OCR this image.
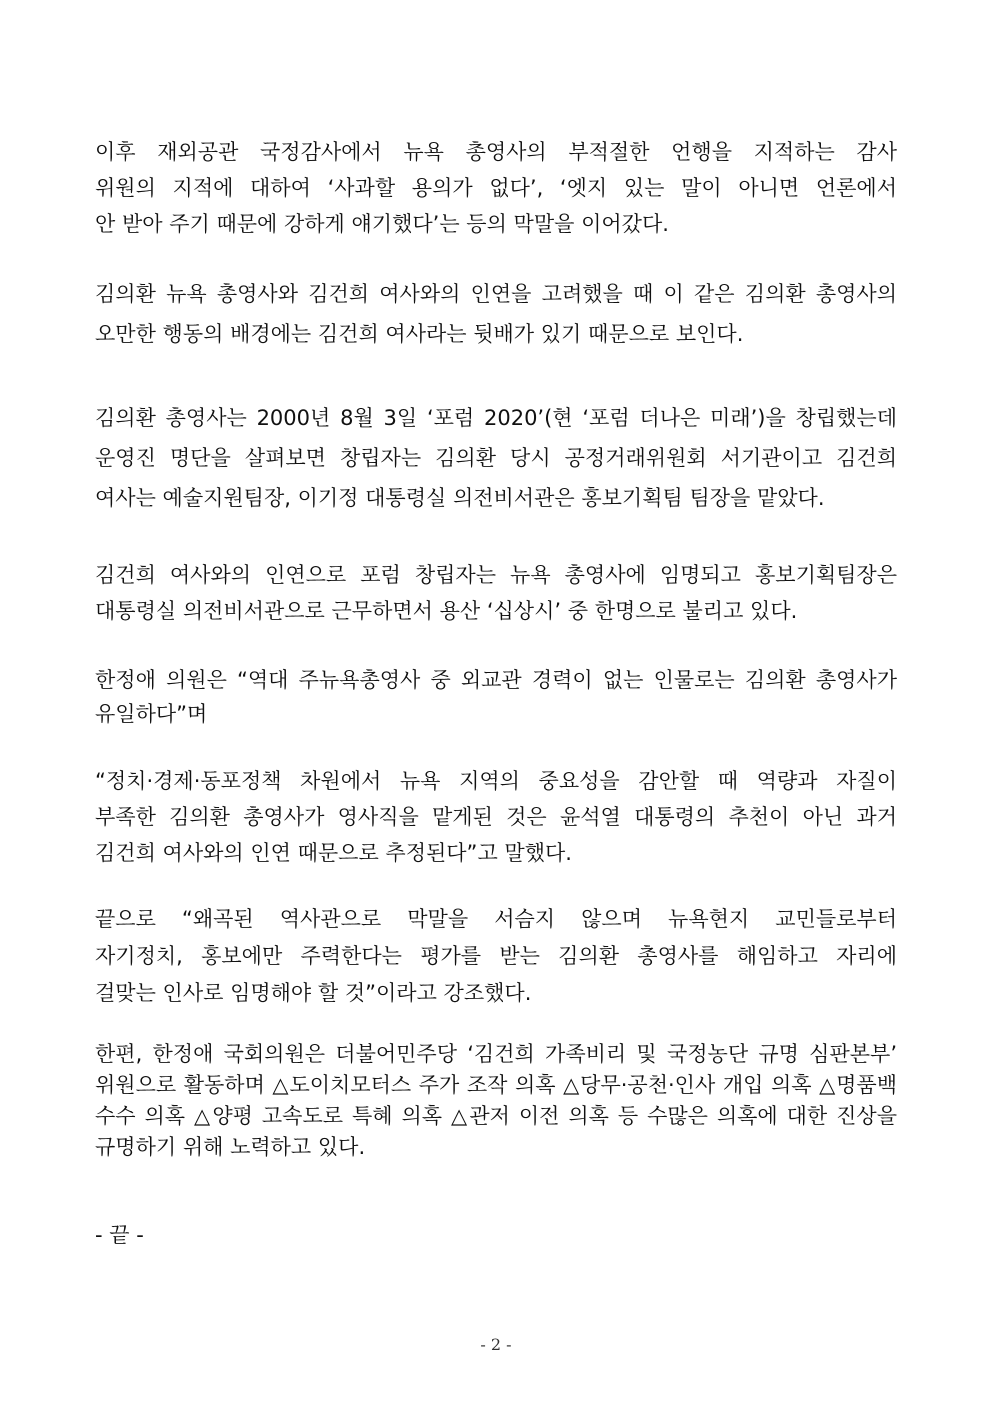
이후 재외공관 국정감사에서 뉴욕 총영사의 부적절한 언행을 지적하는 감사
위원의 지적에 대하여 ‘사과할 용의가 없다’, ‘엣지 있는 말이 아니면 언론에서
안 받아 주기 때문에 강하게 얘기했다’는 등의 막말을 이어갔다.
김의환 뉴욕 총영사와 김건희 여사와의 인연을 고려했을 때 이 같은 김의환 총영사의
오만한 행동의 배경에는 김건희 여사라는 뒷배가 있기 때문으로 보인다.
김의환 총영사는 2000년 8월 3일 ‘포럼 2020’(현 ‘포럼 더나은 미래’)을 창립했는데
운영진 명단을 살펴보면 창립자는 김의환 당시 공정거래위원회 서기관이고 김건희
여사는 예술지원팀장, 이기정 대통령실 의전비서관은 홍보기획팀 팀장을 맡았다.
김건희 여사와의 인연으로 포럼 창립자는 뉴욕 총영사에 임명되고 홍보기획팀장은
대통령실 의전비서관으로 근무하면서 용산 ‘십상시’ 중 한명으로 불리고 있다.
한정애 의원은 “역대 주뉴욕총영사 중 외교관 경력이 없는 인물로는 김의환 총영사가
유일하다”며
“정치·경제·동포정책 차원에서 뉴욕 지역의 중요성을 감안할 때 역량과 자질이
부족한 김의환 총영사가 영사직을 맡게된 것은 윤석열 대통령의 추천이 아닌 과거
김건희 여사와의 인연 때문으로 추정된다”고 말했다.
끝으로 “왜곡된 역사관으로 막말을 서슴지 않으며 뉴욕현지 교민들로부터
자기정치, 홍보에만 주력한다는 평가를 받는 김의환 총영사를 해임하고 자리에
걸맞는 인사로 임명해야 할 것”이라고 강조했다.
한편, 한정애 국회의원은 더불어민주당 ‘김건희 가족비리 및 국정농단 규명 심판본부’
위원으로 활동하며 △도이치모터스 주가 조작 의혹 △당무·공천·인사 개입 의혹 △명품백
수수 의혹 △양평 고속도로 특혜 의혹 △관저 이전 의혹 등 수많은 의혹에 대한 진상을
규명하기 위해 노력하고 있다.
- 끝 -
- 2 -
